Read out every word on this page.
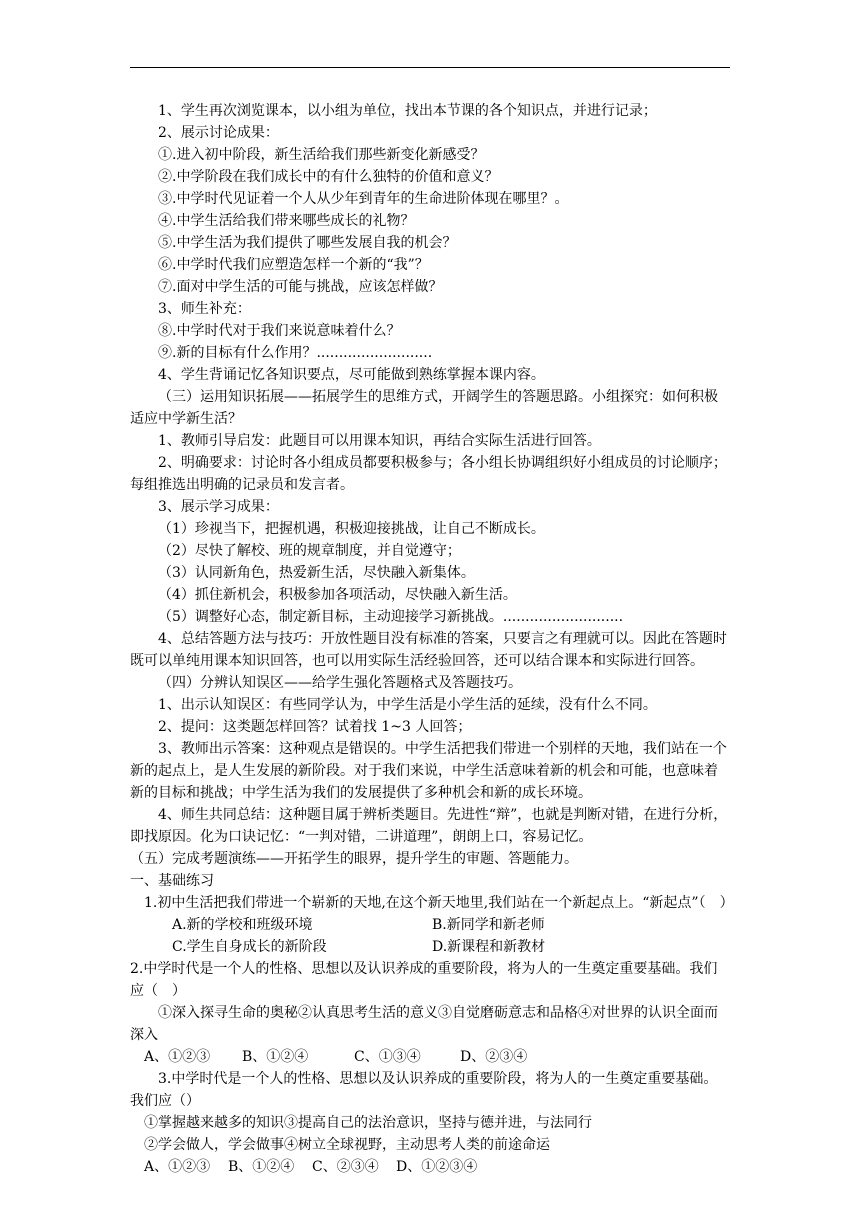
1、学生再次浏览课本，以小组为单位，找出本节课的各个知识点，并进行记录；
2、展示讨论成果：
①.进入初中阶段，新生活给我们那些新变化新感受？
②.中学阶段在我们成长中的有什么独特的价值和意义？
③.中学时代见证着一个人从少年到青年的生命进阶体现在哪里？。
④.中学生活给我们带来哪些成长的礼物？
⑤.中学生活为我们提供了哪些发展自我的机会？
⑥.中学时代我们应塑造怎样一个新的“我”？
⑦.面对中学生活的可能与挑战，应该怎样做？
3、师生补充：
⑧.中学时代对于我们来说意味着什么？
⑨.新的目标有什么作用？..........................
4、学生背诵记忆各知识要点，尽可能做到熟练掌握本课内容。
（三）运用知识拓展——拓展学生的思维方式，开阔学生的答题思路。小组探究：如何积极适应中学新生活？
1、教师引导启发：此题目可以用课本知识，再结合实际生活进行回答。
2、明确要求：讨论时各小组成员都要积极参与；各小组长协调组织好小组成员的讨论顺序；每组推选出明确的记录员和发言者。
3、展示学习成果：
（1）珍视当下，把握机遇，积极迎接挑战，让自己不断成长。
（2）尽快了解校、班的规章制度，并自觉遵守；
（3）认同新角色，热爱新生活，尽快融入新集体。
（4）抓住新机会，积极参加各项活动，尽快融入新生活。
（5）调整好心态，制定新目标，主动迎接学习新挑战。...........................
4、总结答题方法与技巧：开放性题目没有标准的答案，只要言之有理就可以。因此在答题时既可以单纯用课本知识回答，也可以用实际生活经验回答，还可以结合课本和实际进行回答。
（四）分辨认知误区——给学生强化答题格式及答题技巧。
1、出示认知误区：有些同学认为，中学生活是小学生活的延续，没有什么不同。
2、提问：这类题怎样回答？试着找 1~3 人回答；
3、教师出示答案：这种观点是错误的。中学生活把我们带进一个别样的天地，我们站在一个新的起点上，是人生发展的新阶段。对于我们来说，中学生活意味着新的机会和可能，也意味着新的目标和挑战；中学生活为我们的发展提供了多种机会和新的成长环境。
4、师生共同总结：这种题目属于辨析类题目。先进性“辩”，也就是判断对错，在进行分析，即找原因。化为口诀记忆：“一判对错，二讲道理”，朗朗上口，容易记忆。
（五）完成考题演练——开拓学生的眼界，提升学生的审题、答题能力。
一、基础练习
1.初中生活把我们带进一个崭新的天地,在这个新天地里,我们站在一个新起点上。“新起点”（　）
A.新的学校和班级环境	B.新同学和新老师
C.学生自身成长的新阶段	D.新课程和新教材
2.中学时代是一个人的性格、思想以及认识养成的重要阶段，将为人的一生奠定重要基础。我们应（　）
①深入探寻生命的奥秘②认真思考生活的意义③自觉磨砺意志和品格④对世界的认识全面而深入
A、①②③ B、①②④	C、①③④	D、②③④
3.中学时代是一个人的性格、思想以及认识养成的重要阶段，将为人的一生奠定重要基础。我们应（）
①掌握越来越多的知识③提高自己的法治意识，坚持与德并进，与法同行
②学会做人，学会做事④树立全球视野，主动思考人类的前途命运
A、①②③ B、①②④ C、②③④ D、①②③④
